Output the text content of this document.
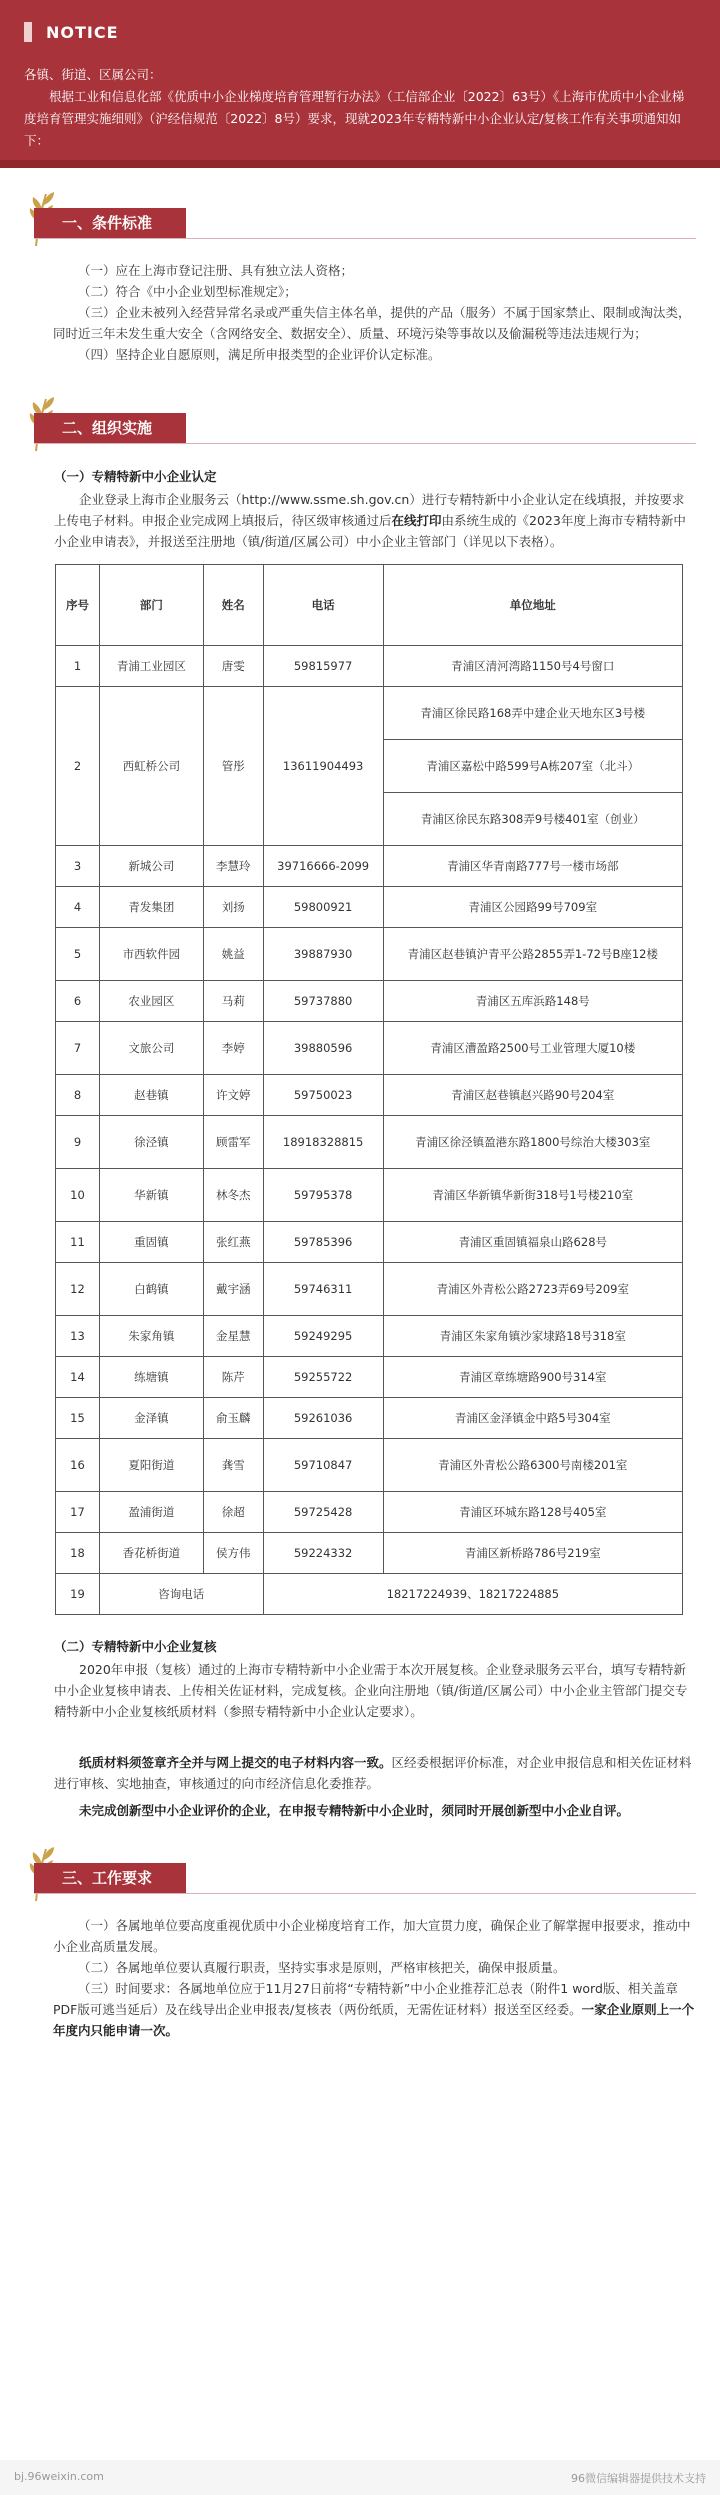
NOTICE

各镇、街道、区属公司：

根据工业和信息化部《优质中小企业梯度培育管理暂行办法》（工信部企业〔2022〕63号）《上海市优质中小企业梯度培育管理实施细则》（沪经信规范〔2022〕8号）要求，现就2023年专精特新中小企业认定/复核工作有关事项通知如下：

一、条件标准

（一）应在上海市登记注册、具有独立法人资格；

（二）符合《中小企业划型标准规定》；

（三）企业未被列入经营异常名录或严重失信主体名单，提供的产品（服务）不属于国家禁止、限制或淘汰类，同时近三年未发生重大安全（含网络安全、数据安全）、质量、环境污染等事故以及偷漏税等违法违规行为；

（四）坚持企业自愿原则，满足所申报类型的企业评价认定标准。

二、组织实施
（一）专精特新中小企业认定

企业登录上海市企业服务云（http://www.ssme.sh.gov.cn）进行专精特新中小企业认定在线填报，并按要求上传电子材料。申报企业完成网上填报后，待区级审核通过后在线打印由系统生成的《2023年度上海市专精特新中小企业申请表》，并报送至注册地（镇/街道/区属公司）中小企业主管部门（详见以下表格）。

序号	部门	姓名	电话	单位地址
1	青浦工业园区	唐雯	59815977	青浦区清河湾路1150号4号窗口
2	西虹桥公司	管彤	13611904493	青浦区徐民路168弄中建企业天地东区3号楼
				青浦区嘉松中路599号A栋207室（北斗）
				青浦区徐民东路308弄9号楼401室（创业）
3	新城公司	李慧玲	39716666-2099	青浦区华青南路777号一楼市场部
4	青发集团	刘扬	59800921	青浦区公园路99号709室
5	市西软件园	姚益	39887930	青浦区赵巷镇沪青平公路2855弄1-72号B座12楼
6	农业园区	马莉	59737880	青浦区五库浜路148号
7	文旅公司	李婷	39880596	青浦区漕盈路2500号工业管理大厦10楼
8	赵巷镇	许文婷	59750023	青浦区赵巷镇赵兴路90号204室
9	徐泾镇	顾雷军	18918328815	青浦区徐泾镇盈港东路1800号综治大楼303室
10	华新镇	林冬杰	59795378	青浦区华新镇华新街318号1号楼210室
11	重固镇	张红燕	59785396	青浦区重固镇福泉山路628号
12	白鹤镇	戴宇涵	59746311	青浦区外青松公路2723弄69号209室
13	朱家角镇	金星慧	59249295	青浦区朱家角镇沙家埭路18号318室
14	练塘镇	陈芹	59255722	青浦区章练塘路900号314室
15	金泽镇	俞玉麟	59261036	青浦区金泽镇金中路5号304室
16	夏阳街道	龚雪	59710847	青浦区外青松公路6300号南楼201室
17	盈浦街道	徐超	59725428	青浦区环城东路128号405室
18	香花桥街道	侯方伟	59224332	青浦区新桥路786号219室
19	咨询电话		18217224939、18217224885	
（二）专精特新中小企业复核

2020年申报（复核）通过的上海市专精特新中小企业需于本次开展复核。企业登录服务云平台，填写专精特新中小企业复核申请表、上传相关佐证材料，完成复核。企业向注册地（镇/街道/区属公司）中小企业主管部门提交专精特新中小企业复核纸质材料（参照专精特新中小企业认定要求）。

纸质材料须签章齐全并与网上提交的电子材料内容一致。区经委根据评价标准，对企业申报信息和相关佐证材料进行审核、实地抽查，审核通过的向市经济信息化委推荐。

未完成创新型中小企业评价的企业，在申报专精特新中小企业时，须同时开展创新型中小企业自评。

三、工作要求

（一）各属地单位要高度重视优质中小企业梯度培育工作，加大宣贯力度，确保企业了解掌握申报要求，推动中小企业高质量发展。

（二）各属地单位要认真履行职责，坚持实事求是原则，严格审核把关，确保申报质量。

（三）时间要求：各属地单位应于11月27日前将“专精特新”中小企业推荐汇总表（附件1 word版、相关盖章PDF版可逃当延后）及在线导出企业申报表/复核表（两份纸质，无需佐证材料）报送至区经委。一家企业原则上一个年度内只能申请一次。

bj.96weixin.com	96微信编辑器提供技术支持
